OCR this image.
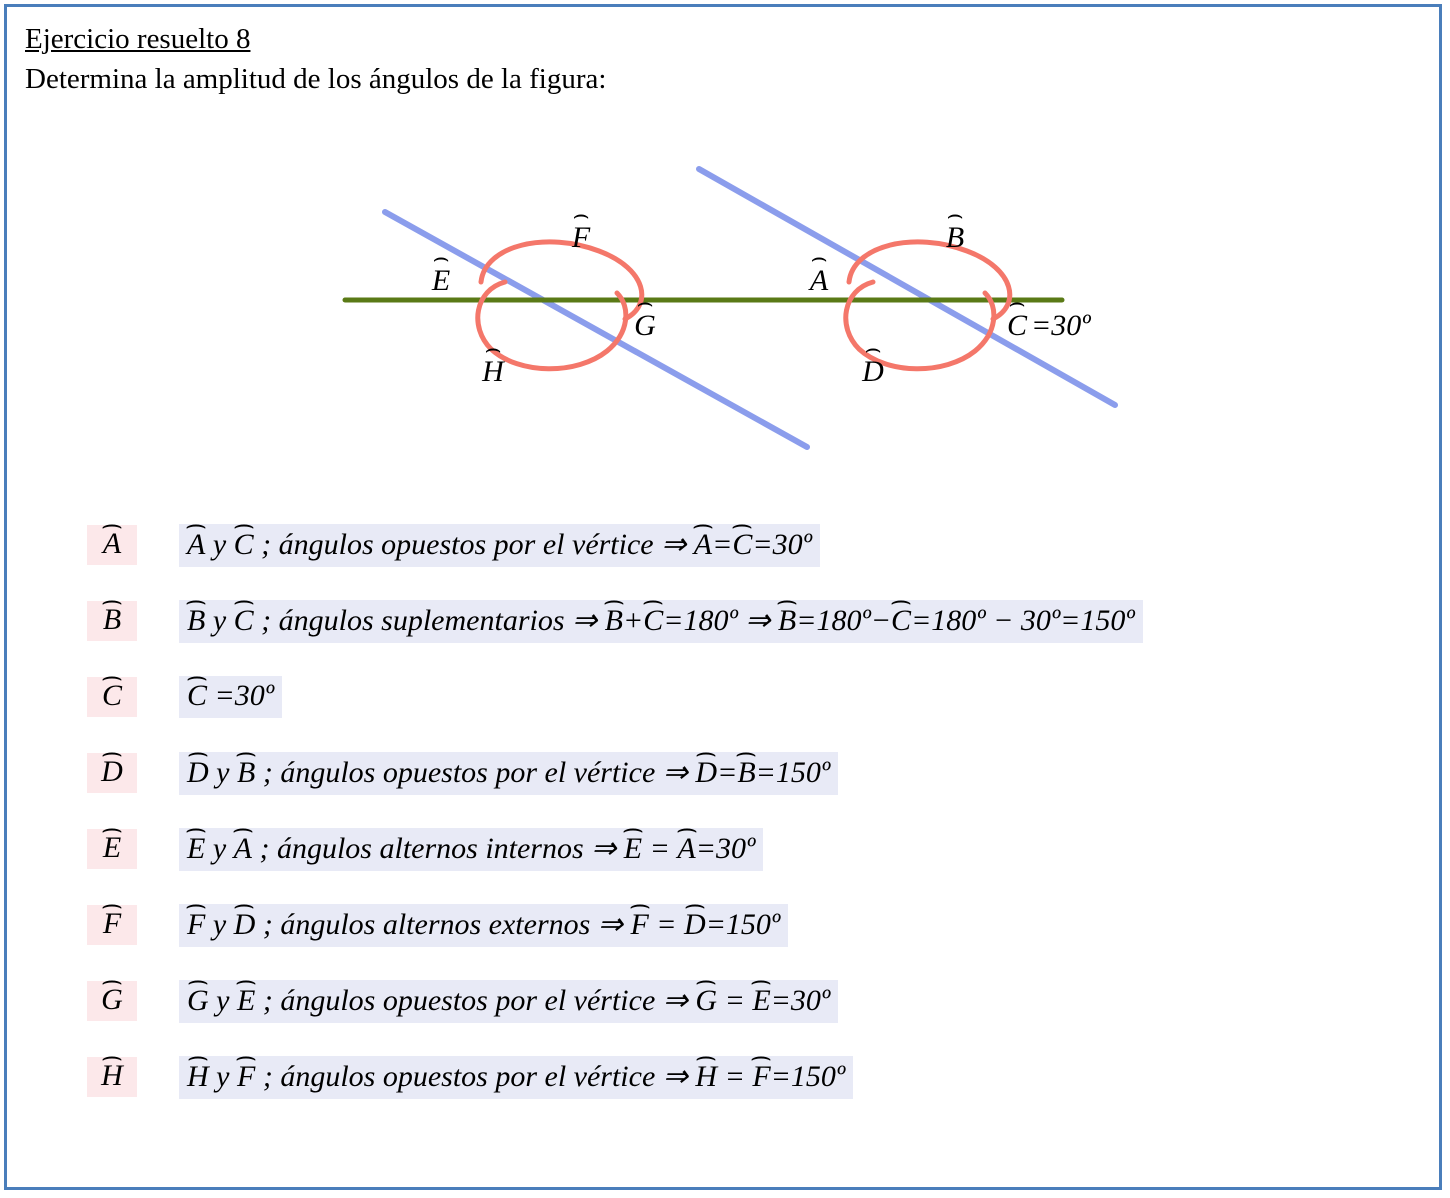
Ejercicio resuelto 8
Determina la amplitud de los ángulos de la figura:
F
⌢
E
⌢
G
⌢
H
⌢
B
⌢
A
⌢
C
⌢
=30º
D
⌢
⌢ A	⌢ A y ⌢ C ; ángulos opuestos por el vértice ⇒ ⌢ A=⌢ C=30º
⌢ B	⌢ B y ⌢ C ; ángulos suplementarios ⇒ ⌢ B+⌢ C=180º ⇒ ⌢ B=180º−⌢ C=180º − 30º=150º
⌢ C	⌢ C =30º
⌢ D	⌢ D y ⌢ B ; ángulos opuestos por el vértice ⇒ ⌢ D=⌢ B=150º
⌢ E	⌢ E y ⌢ A ; ángulos alternos internos ⇒ ⌢ E = ⌢ A=30º
⌢ F	⌢ F y ⌢ D ; ángulos alternos externos ⇒ ⌢ F = ⌢ D=150º
⌢ G	⌢ G y ⌢ E ; ángulos opuestos por el vértice ⇒ ⌢ G = ⌢ E=30º
⌢ H	⌢ H y ⌢ F ; ángulos opuestos por el vértice ⇒ ⌢ H = ⌢ F=150º
